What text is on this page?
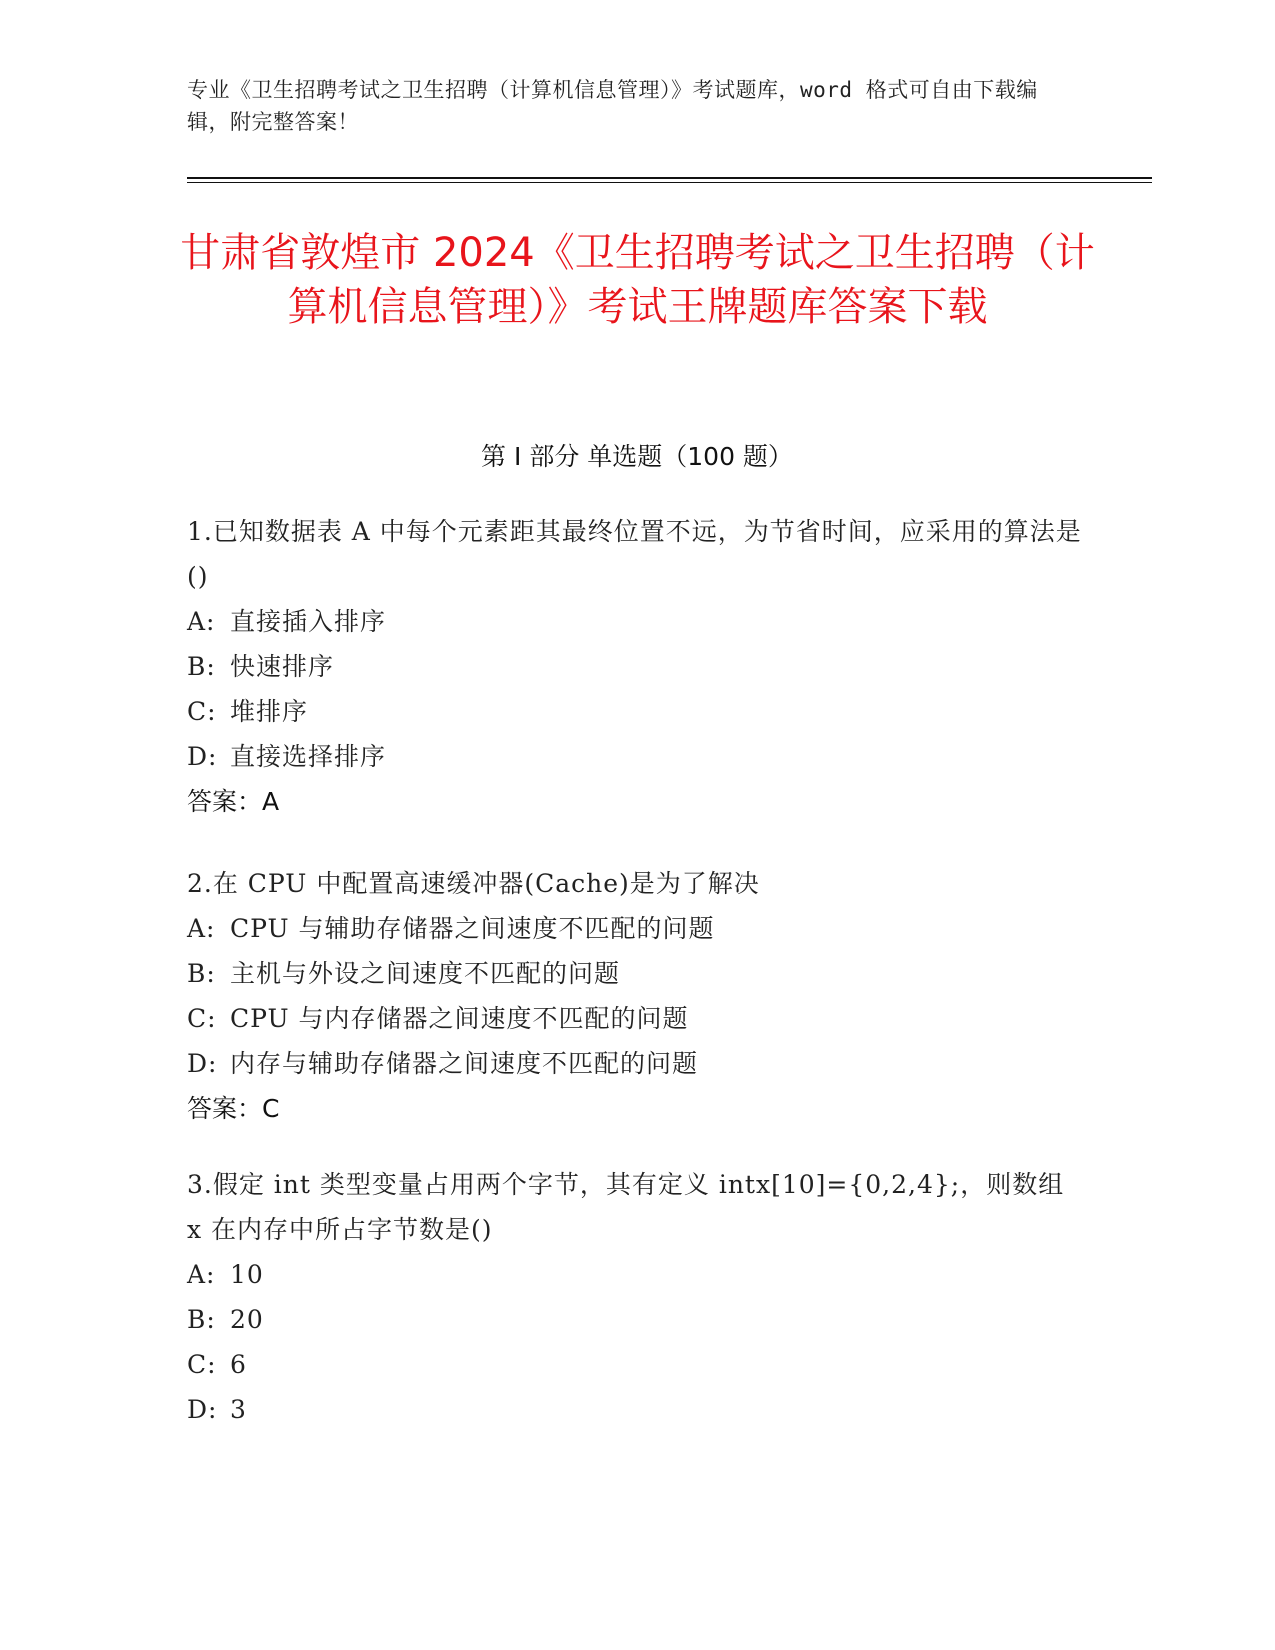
专业《卫生招聘考试之卫生招聘（计算机信息管理）》考试题库，word 格式可自由下载编辑，附完整答案！
甘肃省敦煌市 2024《卫生招聘考试之卫生招聘（计算机信息管理）》考试王牌题库答案下载
第 I 部分 单选题（100 题）
1.已知数据表 A 中每个元素距其最终位置不远，为节省时间，应采用的算法是()
A: 直接插入排序
B: 快速排序
C: 堆排序
D: 直接选择排序
答案：A
2.在 CPU 中配置高速缓冲器(Cache)是为了解决
A: CPU 与辅助存储器之间速度不匹配的问题
B: 主机与外设之间速度不匹配的问题
C: CPU 与内存储器之间速度不匹配的问题
D: 内存与辅助存储器之间速度不匹配的问题
答案：C
3.假定 int 类型变量占用两个字节，其有定义 intx[10]={0,2,4};，则数组 x 在内存中所占字节数是()
A: 10
B: 20
C: 6
D: 3
